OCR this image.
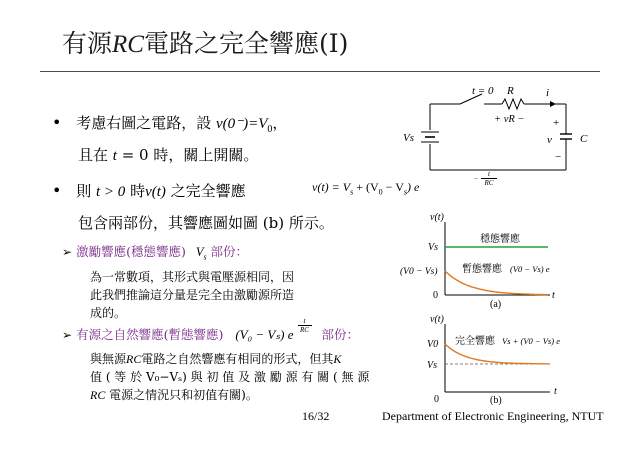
有源RC電路之完全響應(I)
• 考慮右圖之電路，設 $v(0^-)=V_0$，
且在 t = 0 時，關上開關。
• 則 t > 0 時v(t) 之完全響應	$v(t) = V_s + (V_0 - V_s)$ e
−
t
RC
包含兩部份，其響應圖如圖 (b) 所示。
➢ 激勵響應(穩態響應) $V_s$ 部份：
為一常數項，其形式與電壓源相同，因
此我們推論這分量是完全由激勵源所造
成的。
➢ 有源之自然響應(暫態響應) (V₀ − Vₛ) e
$\frac{t}{RC}$
部份：
與無源RC電路之自然響應有相同的形式，但其K
值 ( 等 於 V₀−Vₛ) 與 初 值 及 激 勵 源 有 關 ( 無 源
RC 電源之情況只和初值有關)。
t = 0 R	i
+ vR −	+
v
−
C
Vs
v(t)
t
0
Vs
(V0 − Vs)
穩態響應
暫態響應 (V0 − Vs) e
(a)
v(t)
t
0
V0
Vs
完全響應 Vs + (V0 − Vs) e
(b)
16/32	Department of Electronic Engineering, NTUT
